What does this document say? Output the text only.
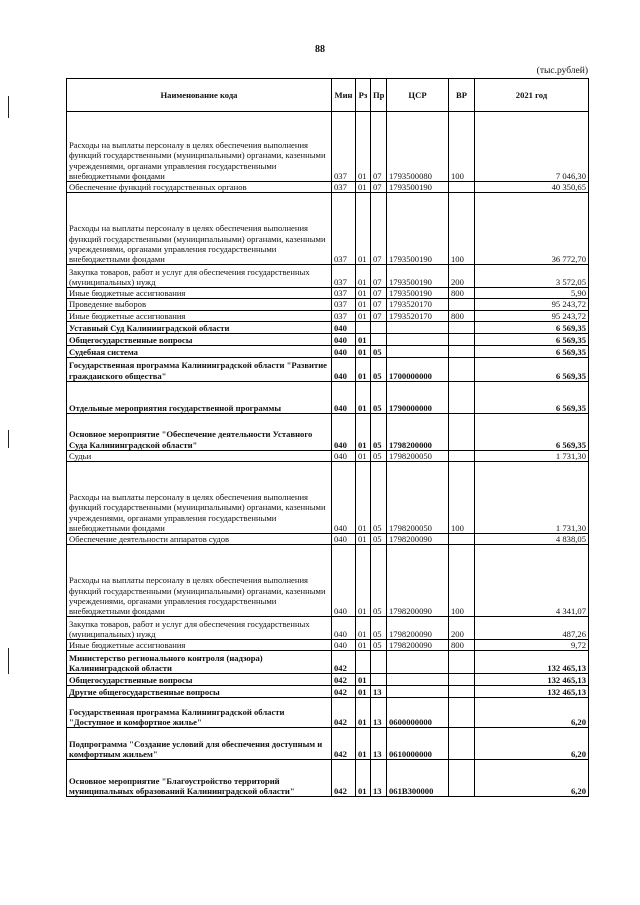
88
(тыс.рублей)
Наименование кода	Мин	Рз	Пр	ЦСР	ВР	2021 год
Расходы на выплаты персоналу в целях обеспечения выполнения функций государственными (муниципальными) органами, казенными учреждениями, органами управления государственными внебюджетными фондами	037	01	07	1793500080	100	7 046,30
Обеспечение функций государственных органов	037	01	07	1793500190		40 350,65
Расходы на выплаты персоналу в целях обеспечения выполнения функций государственными (муниципальными) органами, казенными учреждениями, органами управления государственными внебюджетными фондами	037	01	07	1793500190	100	36 772,70
Закупка товаров, работ и услуг для обеспечения государственных (муниципальных) нужд	037	01	07	1793500190	200	3 572,05
Иные бюджетные ассигнования	037	01	07	1793500190	800	5,90
Проведение выборов	037	01	07	1793520170		95 243,72
Иные бюджетные ассигнования	037	01	07	1793520170	800	95 243,72
Уставный Суд Калининградской области	040					6 569,35
Общегосударственные вопросы	040	01				6 569,35
Судебная система	040	01	05			6 569,35
Государственная программа Калининградской области "Развитие гражданского общества"	040	01	05	1700000000		6 569,35
Отдельные мероприятия государственной программы	040	01	05	1790000000		6 569,35
Основное мероприятие "Обеспечение деятельности Уставного Суда Калининградской области"	040	01	05	1798200000		6 569,35
Судьи	040	01	05	1798200050		1 731,30
Расходы на выплаты персоналу в целях обеспечения выполнения функций государственными (муниципальными) органами, казенными учреждениями, органами управления государственными внебюджетными фондами	040	01	05	1798200050	100	1 731,30
Обеспечение деятельности аппаратов судов	040	01	05	1798200090		4 838,05
Расходы на выплаты персоналу в целях обеспечения выполнения функций государственными (муниципальными) органами, казенными учреждениями, органами управления государственными внебюджетными фондами	040	01	05	1798200090	100	4 341,07
Закупка товаров, работ и услуг для обеспечения государственных (муниципальных) нужд	040	01	05	1798200090	200	487,26
Иные бюджетные ассигнования	040	01	05	1798200090	800	9,72
Министерство регионального контроля (надзора) Калининградской области	042					132 465,13
Общегосударственные вопросы	042	01				132 465,13
Другие общегосударственные вопросы	042	01	13			132 465,13
Государственная программа Калининградской области "Доступное и комфортное жилье"	042	01	13	0600000000		6,20
Подпрограмма "Создание условий для обеспечения доступным и комфортным жильем"	042	01	13	0610000000		6,20
Основное мероприятие "Благоустройство территорий муниципальных образований Калининградской области"	042	01	13	061В300000		6,20
